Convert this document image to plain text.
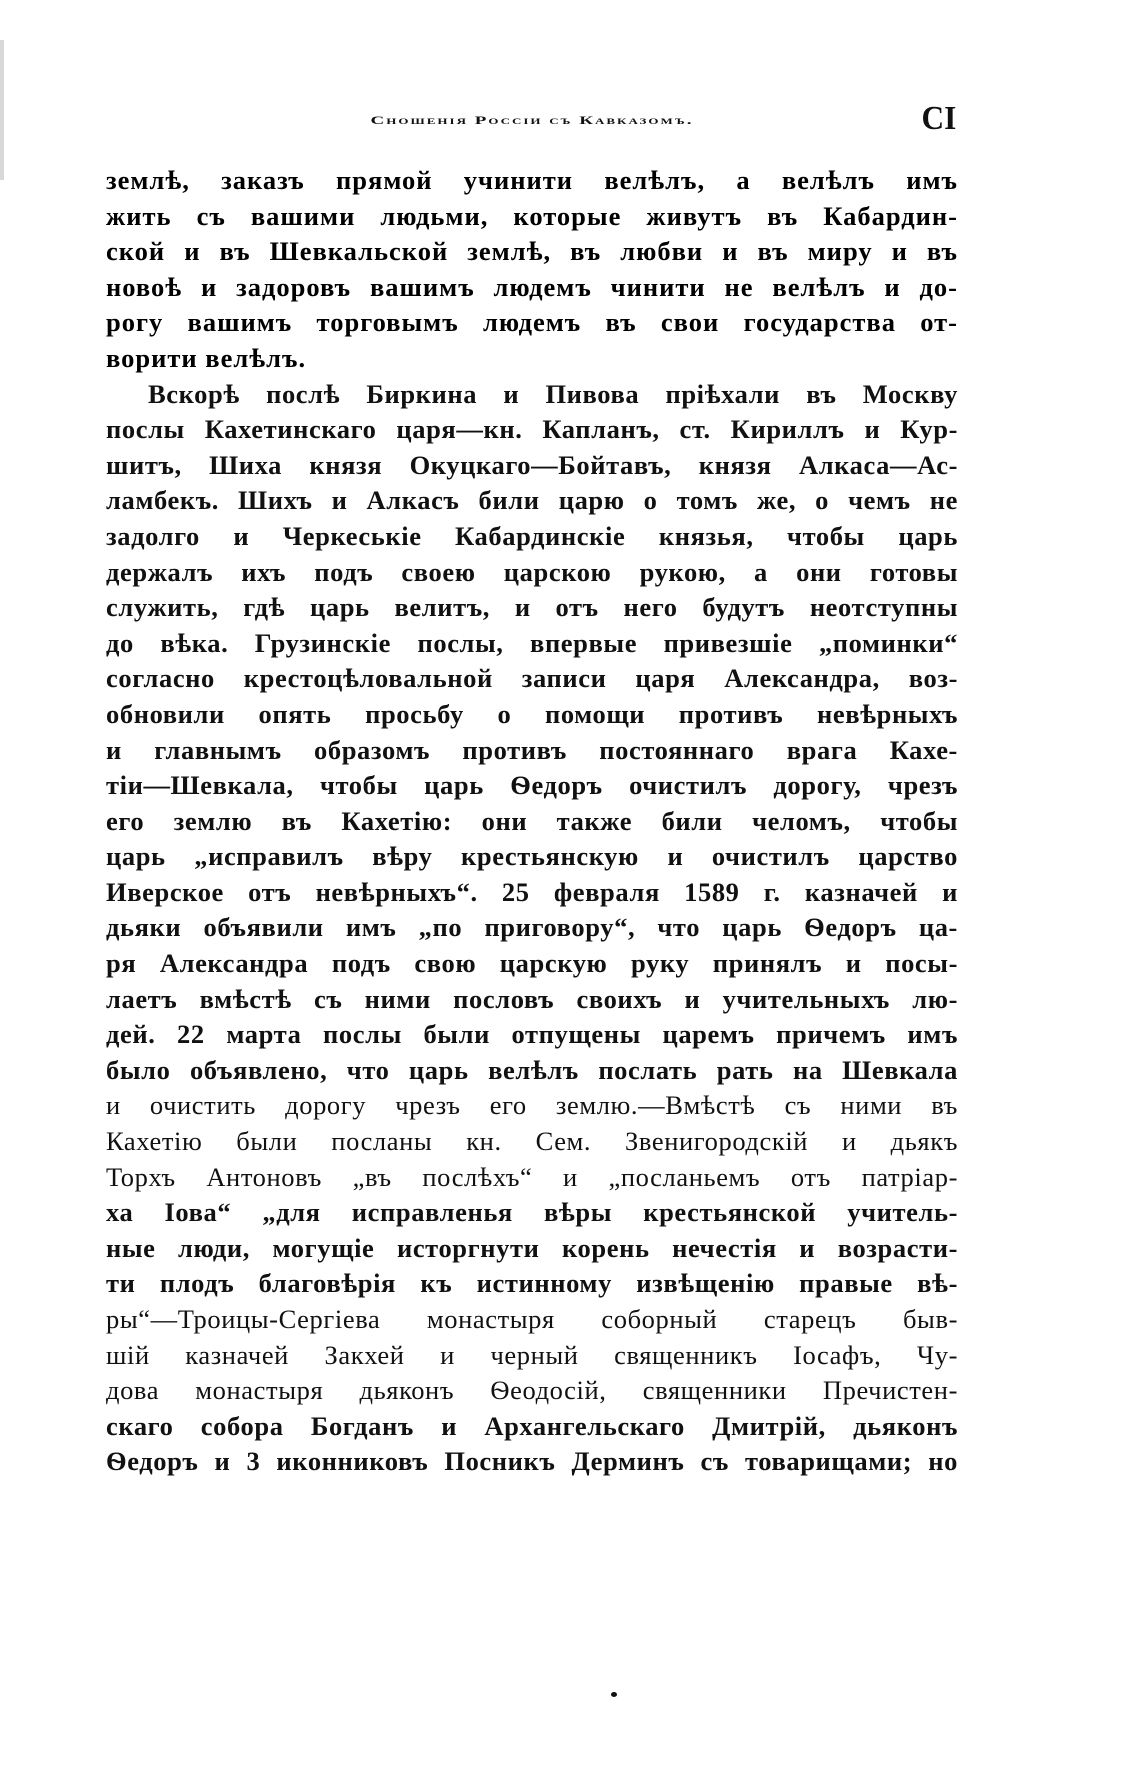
Сношенія Россіи съ Кавказомъ.	CI

землѣ, заказъ прямой учинити велѣлъ, а велѣлъ имъ
жить съ вашими людьми, которые живутъ въ Кабардин-
ской и въ Шевкальской землѣ, въ любви и въ миру и въ
новоѣ и задоровъ вашимъ людемъ чинити не велѣлъ и до-
рогу вашимъ торговымъ людемъ въ свои государства от-
ворити велѣлъ.

Вскорѣ послѣ Биркина и Пивова пріѣхали въ Москву
послы Кахетинскаго царя—кн. Капланъ, ст. Кириллъ и Кур-
шитъ, Шиха князя Окуцкаго—Бойтавъ, князя Алкаса—Ас-
ламбекъ. Шихъ и Алкасъ били царю о томъ же, о чемъ не
задолго и Черкеськіе Кабардинскіе князья, чтобы царь
держалъ ихъ подъ своею царскою рукою, а они готовы
служить, гдѣ царь велитъ, и отъ него будутъ неотступны
до вѣка. Грузинскіе послы, впервые привезшіе „поминки“
согласно крестоцѣловальной записи царя Александра, воз-
обновили опять просьбу о помощи противъ невѣрныхъ
и главнымъ образомъ противъ постояннаго врага Кахе-
тіи—Шевкала, чтобы царь Ѳедоръ очистилъ дорогу, чрезъ
его землю въ Кахетію: они также били челомъ, чтобы
царь „исправилъ вѣру крестьянскую и очистилъ царство
Иверское отъ невѣрныхъ“. 25 февраля 1589 г. казначей и
дьяки объявили имъ „по приговору“, что царь Ѳедоръ ца-
ря Александра подъ свою царскую руку принялъ и посы-
лаетъ вмѣстѣ съ ними пословъ своихъ и учительныхъ лю-
дей. 22 марта послы были отпущены царемъ причемъ имъ
было объявлено, что царь велѣлъ послать рать на Шевкала
и очистить дорогу чрезъ его землю.—Вмѣстѣ съ ними въ
Кахетію были посланы кн. Сем. Звенигородскій и дьякъ
Торхъ Антоновъ „въ послѣхъ“ и „посланьемъ отъ патріар-
ха Іова“ „для исправленья вѣры крестьянской учитель-
ные люди, могущіе исторгнути корень нечестія и возрасти-
ти плодъ благовѣрія къ истинному извѣщенію правые вѣ-
ры“—Троицы-Сергіева монастыря соборный старецъ быв-
шій казначей Закхей и черный священникъ Іосафъ, Чу-
дова монастыря дьяконъ Ѳеодосій, священники Пречистен-
скаго собора Богданъ и Архангельскаго Дмитрій, дьяконъ
Ѳедоръ и 3 иконниковъ Посникъ Дерминъ съ товарищами; но
